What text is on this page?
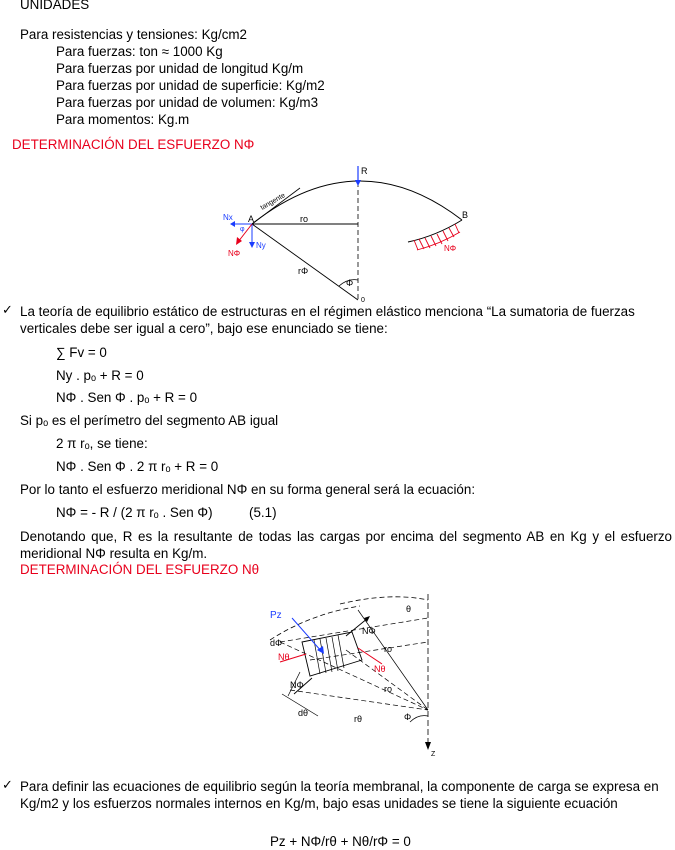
UNIDADES
Para resistencias y tensiones: Kg/cm2
Para fuerzas: ton ≈ 1000 Kg
Para fuerzas por unidad de longitud Kg/m
Para fuerzas por unidad de superficie: Kg/m2
Para fuerzas por unidad de volumen: Kg/m3
Para momentos: Kg.m
DETERMINACIÓN DEL ESFUERZO NΦ
R
A	B
Nx
Ny
NΦ
NΦ
φ
ro
rΦ
Φ
0
tangente
✓ La teoría de equilibrio estático de estructuras en el régimen elástico menciona “La sumatoria de fuerzas verticales debe ser igual a cero”, bajo ese enunciado se tiene:
∑ Fv = 0
Ny . pₒ + R = 0
NΦ . Sen Φ . pₒ + R = 0
Si pₒ es el perímetro del segmento AB igual
2 π rₒ, se tiene:
NΦ . Sen Φ . 2 π rₒ + R = 0
Por lo tanto el esfuerzo meridional NΦ en su forma general será la ecuación:
NΦ = - R / (2 π rₒ . Sen Φ)	(5.1)
Denotando que, R es la resultante de todas las cargas por encima del segmento AB en Kg y el esfuerzo meridional NΦ resulta en Kg/m.
DETERMINACIÓN DEL ESFUERZO Nθ
Pz
θ
dΦ
Nθ
NΦ
Nθ
NΦ
ro
ro
rθ
dθ	Φ
Z
✓ Para definir las ecuaciones de equilibrio según la teoría membranal, la componente de carga se expresa en Kg/m2 y los esfuerzos normales internos en Kg/m, bajo esas unidades se tiene la siguiente ecuación
Pz + NΦ/rθ + Nθ/rΦ = 0
